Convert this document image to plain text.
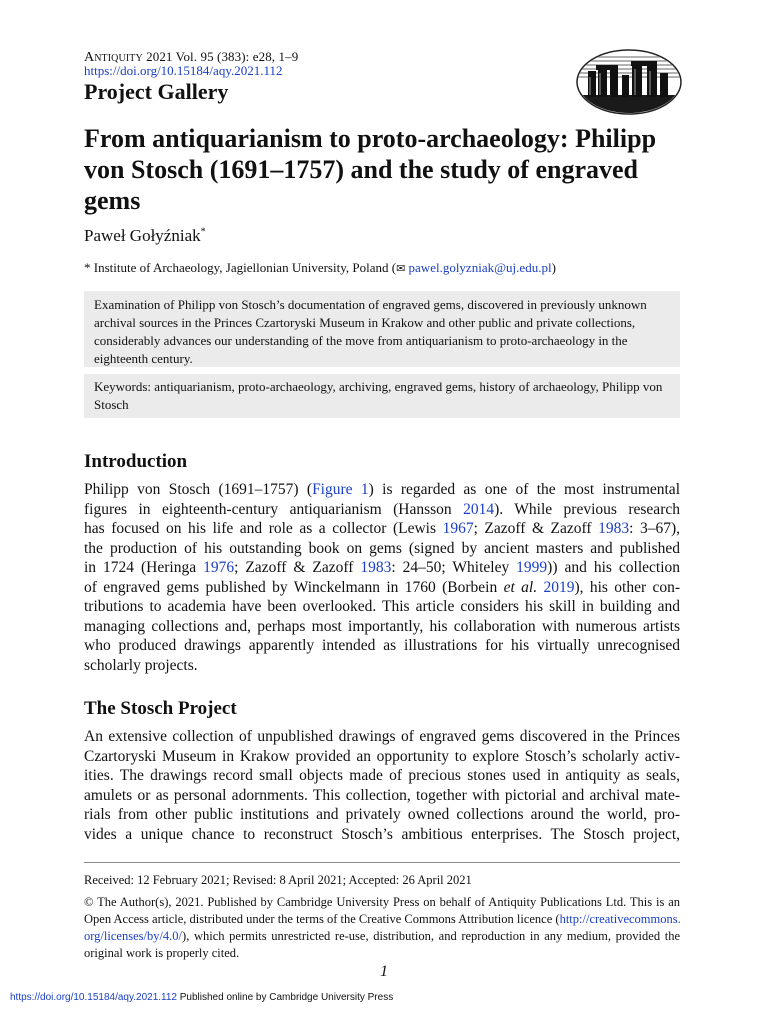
Antiquity 2021 Vol. 95 (383): e28, 1–9
https://doi.org/10.15184/aqy.2021.112
Project Gallery
From antiquarianism to proto-archaeology: Philipp
von Stosch (1691–1757) and the study of engraved
gems
Paweł Gołyźniak*
* Institute of Archaeology, Jagiellonian University, Poland (✉ pawel.golyzniak@uj.edu.pl)

Examination of Philipp von Stosch’s documentation of engraved gems, discovered in previously unknown

archival sources in the Princes Czartoryski Museum in Krakow and other public and private collections,

considerably advances our understanding of the move from antiquarianism to proto-archaeology in the

eighteenth century.

Keywords: antiquarianism, proto-archaeology, archiving, engraved gems, history of archaeology, Philipp von

Stosch

Introduction
Philipp von Stosch (1691–1757) (Figure 1) is regarded as one of the most instrumental
figures in eighteenth-century antiquarianism (Hansson 2014). While previous research
has focused on his life and role as a collector (Lewis 1967; Zazoff & Zazoff 1983: 3–67),
the production of his outstanding book on gems (signed by ancient masters and published
in 1724 (Heringa 1976; Zazoff & Zazoff 1983: 24–50; Whiteley 1999)) and his collection
of engraved gems published by Winckelmann in 1760 (Borbein et al. 2019), his other con-
tributions to academia have been overlooked. This article considers his skill in building and
managing collections and, perhaps most importantly, his collaboration with numerous artists
who produced drawings apparently intended as illustrations for his virtually unrecognised
scholarly projects.
The Stosch Project
An extensive collection of unpublished drawings of engraved gems discovered in the Princes
Czartoryski Museum in Krakow provided an opportunity to explore Stosch’s scholarly activ-
ities. The drawings record small objects made of precious stones used in antiquity as seals,
amulets or as personal adornments. This collection, together with pictorial and archival mate-
rials from other public institutions and privately owned collections around the world, pro-
vides a unique chance to reconstruct Stosch’s ambitious enterprises. The Stosch project,
Received: 12 February 2021; Revised: 8 April 2021; Accepted: 26 April 2021
© The Author(s), 2021. Published by Cambridge University Press on behalf of Antiquity Publications Ltd. This is an
Open Access article, distributed under the terms of the Creative Commons Attribution licence (http://creativecommons.
org/licenses/by/4.0/), which permits unrestricted re-use, distribution, and reproduction in any medium, provided the
original work is properly cited.
1
https://doi.org/10.15184/aqy.2021.112 Published online by Cambridge University Press
